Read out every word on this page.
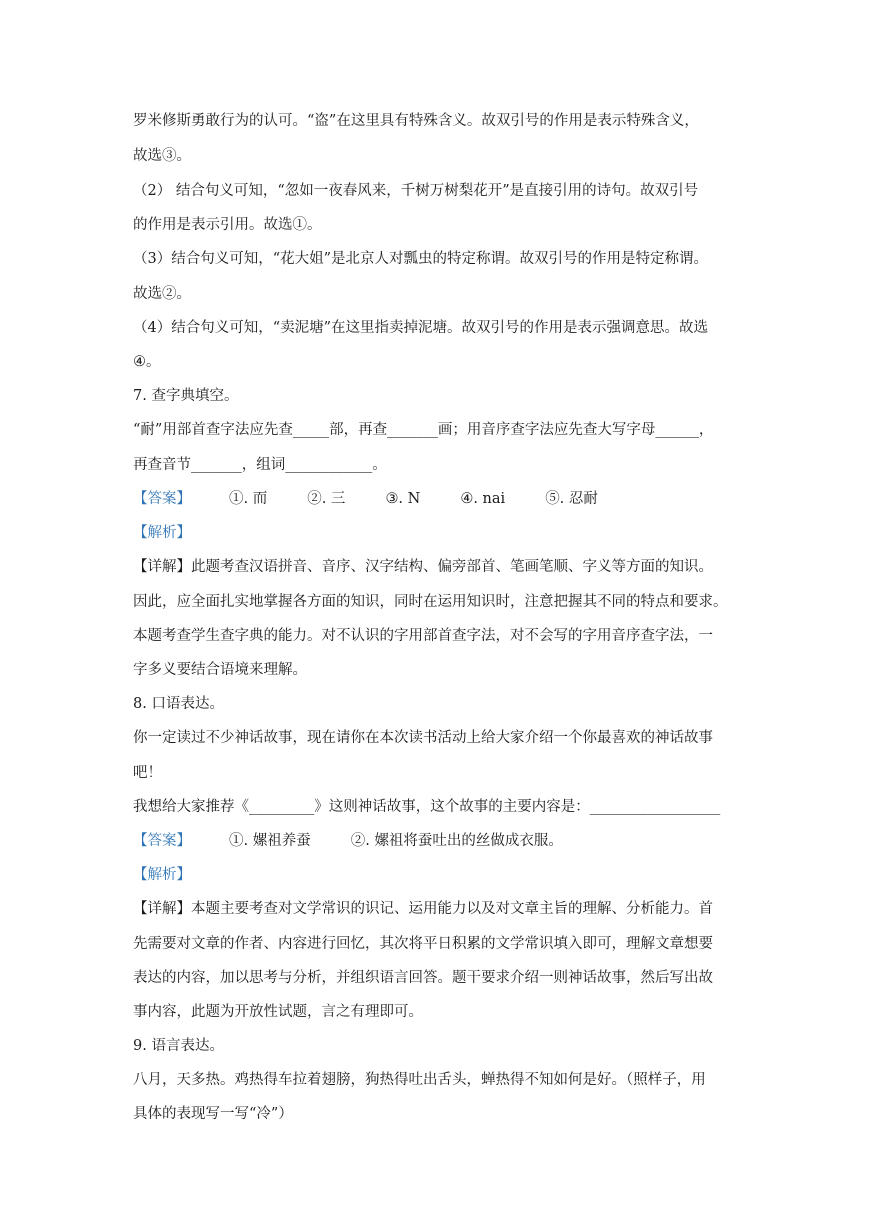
罗米修斯勇敢行为的认可。“盗”在这里具有特殊含义。故双引号的作用是表示特殊含义，
故选③。
（2） 结合句义可知，“忽如一夜春风来，千树万树梨花开”是直接引用的诗句。故双引号
的作用是表示引用。故选①。
（3）结合句义可知，“花大姐”是北京人对瓢虫的特定称谓。故双引号的作用是特定称谓。
故选②。
（4）结合句义可知，“卖泥塘”在这里指卖掉泥塘。故双引号的作用是表示强调意思。故选
④。
7. 查字典填空。
“耐”用部首查字法应先查_____部，再查_______画；用音序查字法应先查大写字母______，
再查音节_______，组词____________。
【答案】	①. 而	②. 三	③. N	④. nai	⑤. 忍耐
【解析】
【详解】此题考查汉语拼音、音序、汉字结构、偏旁部首、笔画笔顺、字义等方面的知识。
因此，应全面扎实地掌握各方面的知识，同时在运用知识时，注意把握其不同的特点和要求。
本题考查学生查字典的能力。对不认识的字用部首查字法，对不会写的字用音序查字法，一
字多义要结合语境来理解。
8. 口语表达。
你一定读过不少神话故事，现在请你在本次读书活动上给大家介绍一个你最喜欢的神话故事
吧！
我想给大家推荐《_________》这则神话故事，这个故事的主要内容是：__________________
【答案】	①. 嫘祖养蚕	②. 嫘祖将蚕吐出的丝做成衣服。
【解析】
【详解】本题主要考查对文学常识的识记、运用能力以及对文章主旨的理解、分析能力。首
先需要对文章的作者、内容进行回忆，其次将平日积累的文学常识填入即可，理解文章想要
表达的内容，加以思考与分析，并组织语言回答。题干要求介绍一则神话故事，然后写出故
事内容，此题为开放性试题，言之有理即可。
9. 语言表达。
八月，天多热。鸡热得车拉着翅膀，狗热得吐出舌头，蝉热得不知如何是好。（照样子，用
具体的表现写一写“冷”）
